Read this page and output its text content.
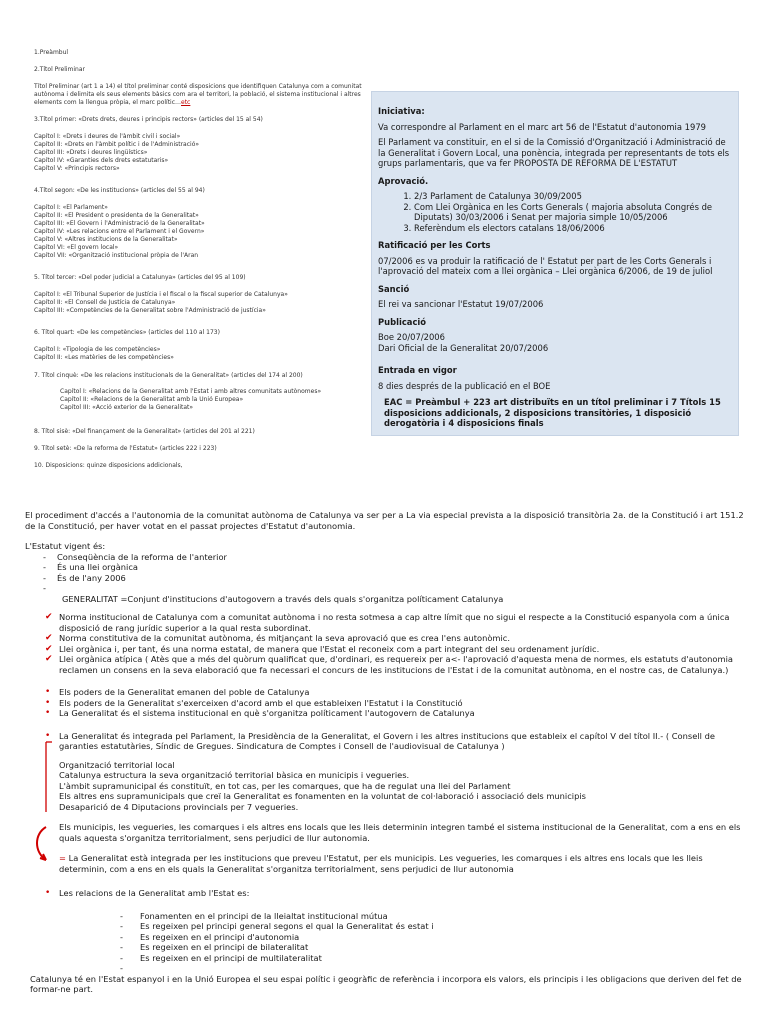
1.Preàmbul
2.Títol Preliminar
Títol Preliminar (art 1 a 14) el títol preliminar conté disposicions que identifiquen Catalunya com a comunitat
autònoma i delimita els seus elements bàsics com ara el territori, la població, el sistema institucional i altres
elements com la llengua pròpia, el marc polític…etc
3.Títol primer: «Drets drets, deures i principis rectors» (articles del 15 al 54)
Capítol I: «Drets i deures de l'àmbit civil i social»
Capítol II: «Drets en l'àmbit polític i de l'Administració»
Capítol III: «Drets i deures lingüístics»
Capítol IV: «Garanties dels drets estatutaris»
Capítol V: «Principis rectors»
4.Títol segon: «De les institucions» (articles del 55 al 94)
Capítol I: «El Parlament»
Capítol II: «El President o presidenta de la Generalitat»
Capítol III: «El Govern i l'Administració de la Generalitat»
Capítol IV: «Les relacions entre el Parlament i el Govern»
Capítol V: «Altres institucions de la Generalitat»
Capítol VI: «El govern local»
Capítol VII: «Organització institucional pròpia de l'Aran
5. Títol tercer: «Del poder judicial a Catalunya» (articles del 95 al 109)
Capítol I: «El Tribunal Superior de Justícia i el fiscal o la fiscal superior de Catalunya»
Capítol II: «El Consell de Justícia de Catalunya»
Capítol III: «Competències de la Generalitat sobre l'Administració de justícia»
6. Títol quart: «De les competències» (articles del 110 al 173)
Capítol I: «Tipologia de les competències»
Capítol II: «Les matèries de les competències»
7. Títol cinquè: «De les relacions institucionals de la Generalitat» (articles del 174 al 200)
Capítol I: «Relacions de la Generalitat amb l'Estat i amb altres comunitats autònomes»
Capítol II: «Relacions de la Generalitat amb la Unió Europea»
Capítol III: «Acció exterior de la Generalitat»
8. Títol sisè: «Del finançament de la Generalitat» (articles del 201 al 221)
9. Títol setè: «De la reforma de l'Estatut» (articles 222 i 223)
10. Disposicions: quinze disposicions addicionals,
Iniciativa:
Va correspondre al Parlament en el marc art 56 de l'Estatut d'autonomia 1979
El Parlament va constituir, en el si de la Comissió d'Organització i Administració de la Generalitat i Govern Local, una ponència, integrada per representants de tots els grups parlamentaris, que va fer PROPOSTA DE REFORMA DE L'ESTATUT
Aprovació.
1. 2/3 Parlament de Catalunya 30/09/2005
2. Com Llei Orgànica en les Corts Generals ( majoria absoluta Congrés de Diputats) 30/03/2006 i Senat per majoria simple 10/05/2006
3. Referèndum els electors catalans 18/06/2006
Ratificació per les Corts
07/2006 es va produir la ratificació de l' Estatut per part de les Corts Generals i l'aprovació del mateix com a llei orgànica – Llei orgànica 6/2006, de 19 de juliol
Sanció
El rei va sancionar l'Estatut 19/07/2006
Publicació
Boe 20/07/2006
Dari Oficial de la Generalitat 20/07/2006
Entrada en vigor
8 dies després de la publicació en el BOE
EAC = Preàmbul + 223 art distribuïts en un títol preliminar i 7 Títols 15 disposicions addicionals, 2 disposicions transitòries, 1 disposició derogatòria i 4 disposicions finals
El procediment d'accés a l'autonomia de la comunitat autònoma de Catalunya va ser per a La via especial prevista a la disposició transitòria 2a. de la Constitució i art 151.2 de la Constitució, per haver votat en el passat projectes d'Estatut d'autonomia.
L'Estatut vigent és:
-	Conseqüència de la reforma de l'anterior
-	És una llei orgànica
-	És de l'any 2006
-
GENERALITAT =Conjunt d'institucions d'autogovern a través dels quals s'organitza políticament Catalunya
✔ Norma institucional de Catalunya com a comunitat autònoma i no resta sotmesa a cap altre límit que no sigui el respecte a la Constitució espanyola com a única disposició de rang jurídic superior a la qual resta subordinat.
✔ Norma constitutiva de la comunitat autònoma, és mitjançant la seva aprovació que es crea l'ens autonòmic.
✔ Llei orgànica i, per tant, és una norma estatal, de manera que l'Estat el reconeix com a part integrant del seu ordenament jurídic.
✔ Llei orgànica atípica ( Atès que a més del quòrum qualificat que, d'ordinari, es requereix per a<- l'aprovació d'aquesta mena de normes, els estatuts d'autonomia reclamen un consens en la seva elaboració que fa necessari el concurs de les institucions de l'Estat i de la comunitat autònoma, en el nostre cas, de Catalunya.)
•	Els poders de la Generalitat emanen del poble de Catalunya
•	Els poders de la Generalitat s'exerceixen d'acord amb el que estableixen l'Estatut i la Constitució
•	La Generalitat és el sistema institucional en què s'organitza políticament l'autogovern de Catalunya
•	La Generalitat és integrada pel Parlament, la Presidència de la Generalitat, el Govern i les altres institucions que estableix el capítol V del títol II.- ( Consell de garanties estatutàries, Síndic de Gregues. Sindicatura de Comptes i Consell de l'audiovisual de Catalunya )
Organització territorial local
Catalunya estructura la seva organització territorial bàsica en municipis i vegueries.
L'àmbit supramunicipal és constituït, en tot cas, per les comarques, que ha de regulat una llei del Parlament
Els altres ens supramunicipals que creï la Generalitat es fonamenten en la voluntat de col·laboració i associació dels municipis
Desaparició de 4 Diputacions provincials per 7 vegueries.
Els municipis, les vegueries, les comarques i els altres ens locals que les lleis determinin integren també el sistema institucional de la Generalitat, com a ens en els quals aquesta s'organitza territorialment, sens perjudici de llur autonomia.
= La Generalitat està integrada per les institucions que preveu l'Estatut, per els municipis. Les vegueries, les comarques i els altres ens locals que les lleis determinin, com a ens en els quals la Generalitat s'organitza territorialment, sens perjudici de llur autonomia
•	Les relacions de la Generalitat amb l'Estat es:
-	Fonamenten en el principi de la lleialtat institucional mútua
-	Es regeixen pel principi general segons el qual la Generalitat és estat i
-	Es regeixen en el principi d'autonomia
-	Es regeixen en el principi de bilateralitat
-	Es regeixen en el principi de multilateralitat
-
Catalunya té en l'Estat espanyol i en la Unió Europea el seu espai polític i geogràfic de referència i incorpora els valors, els principis i les obligacions que deriven del fet de formar-ne part.
